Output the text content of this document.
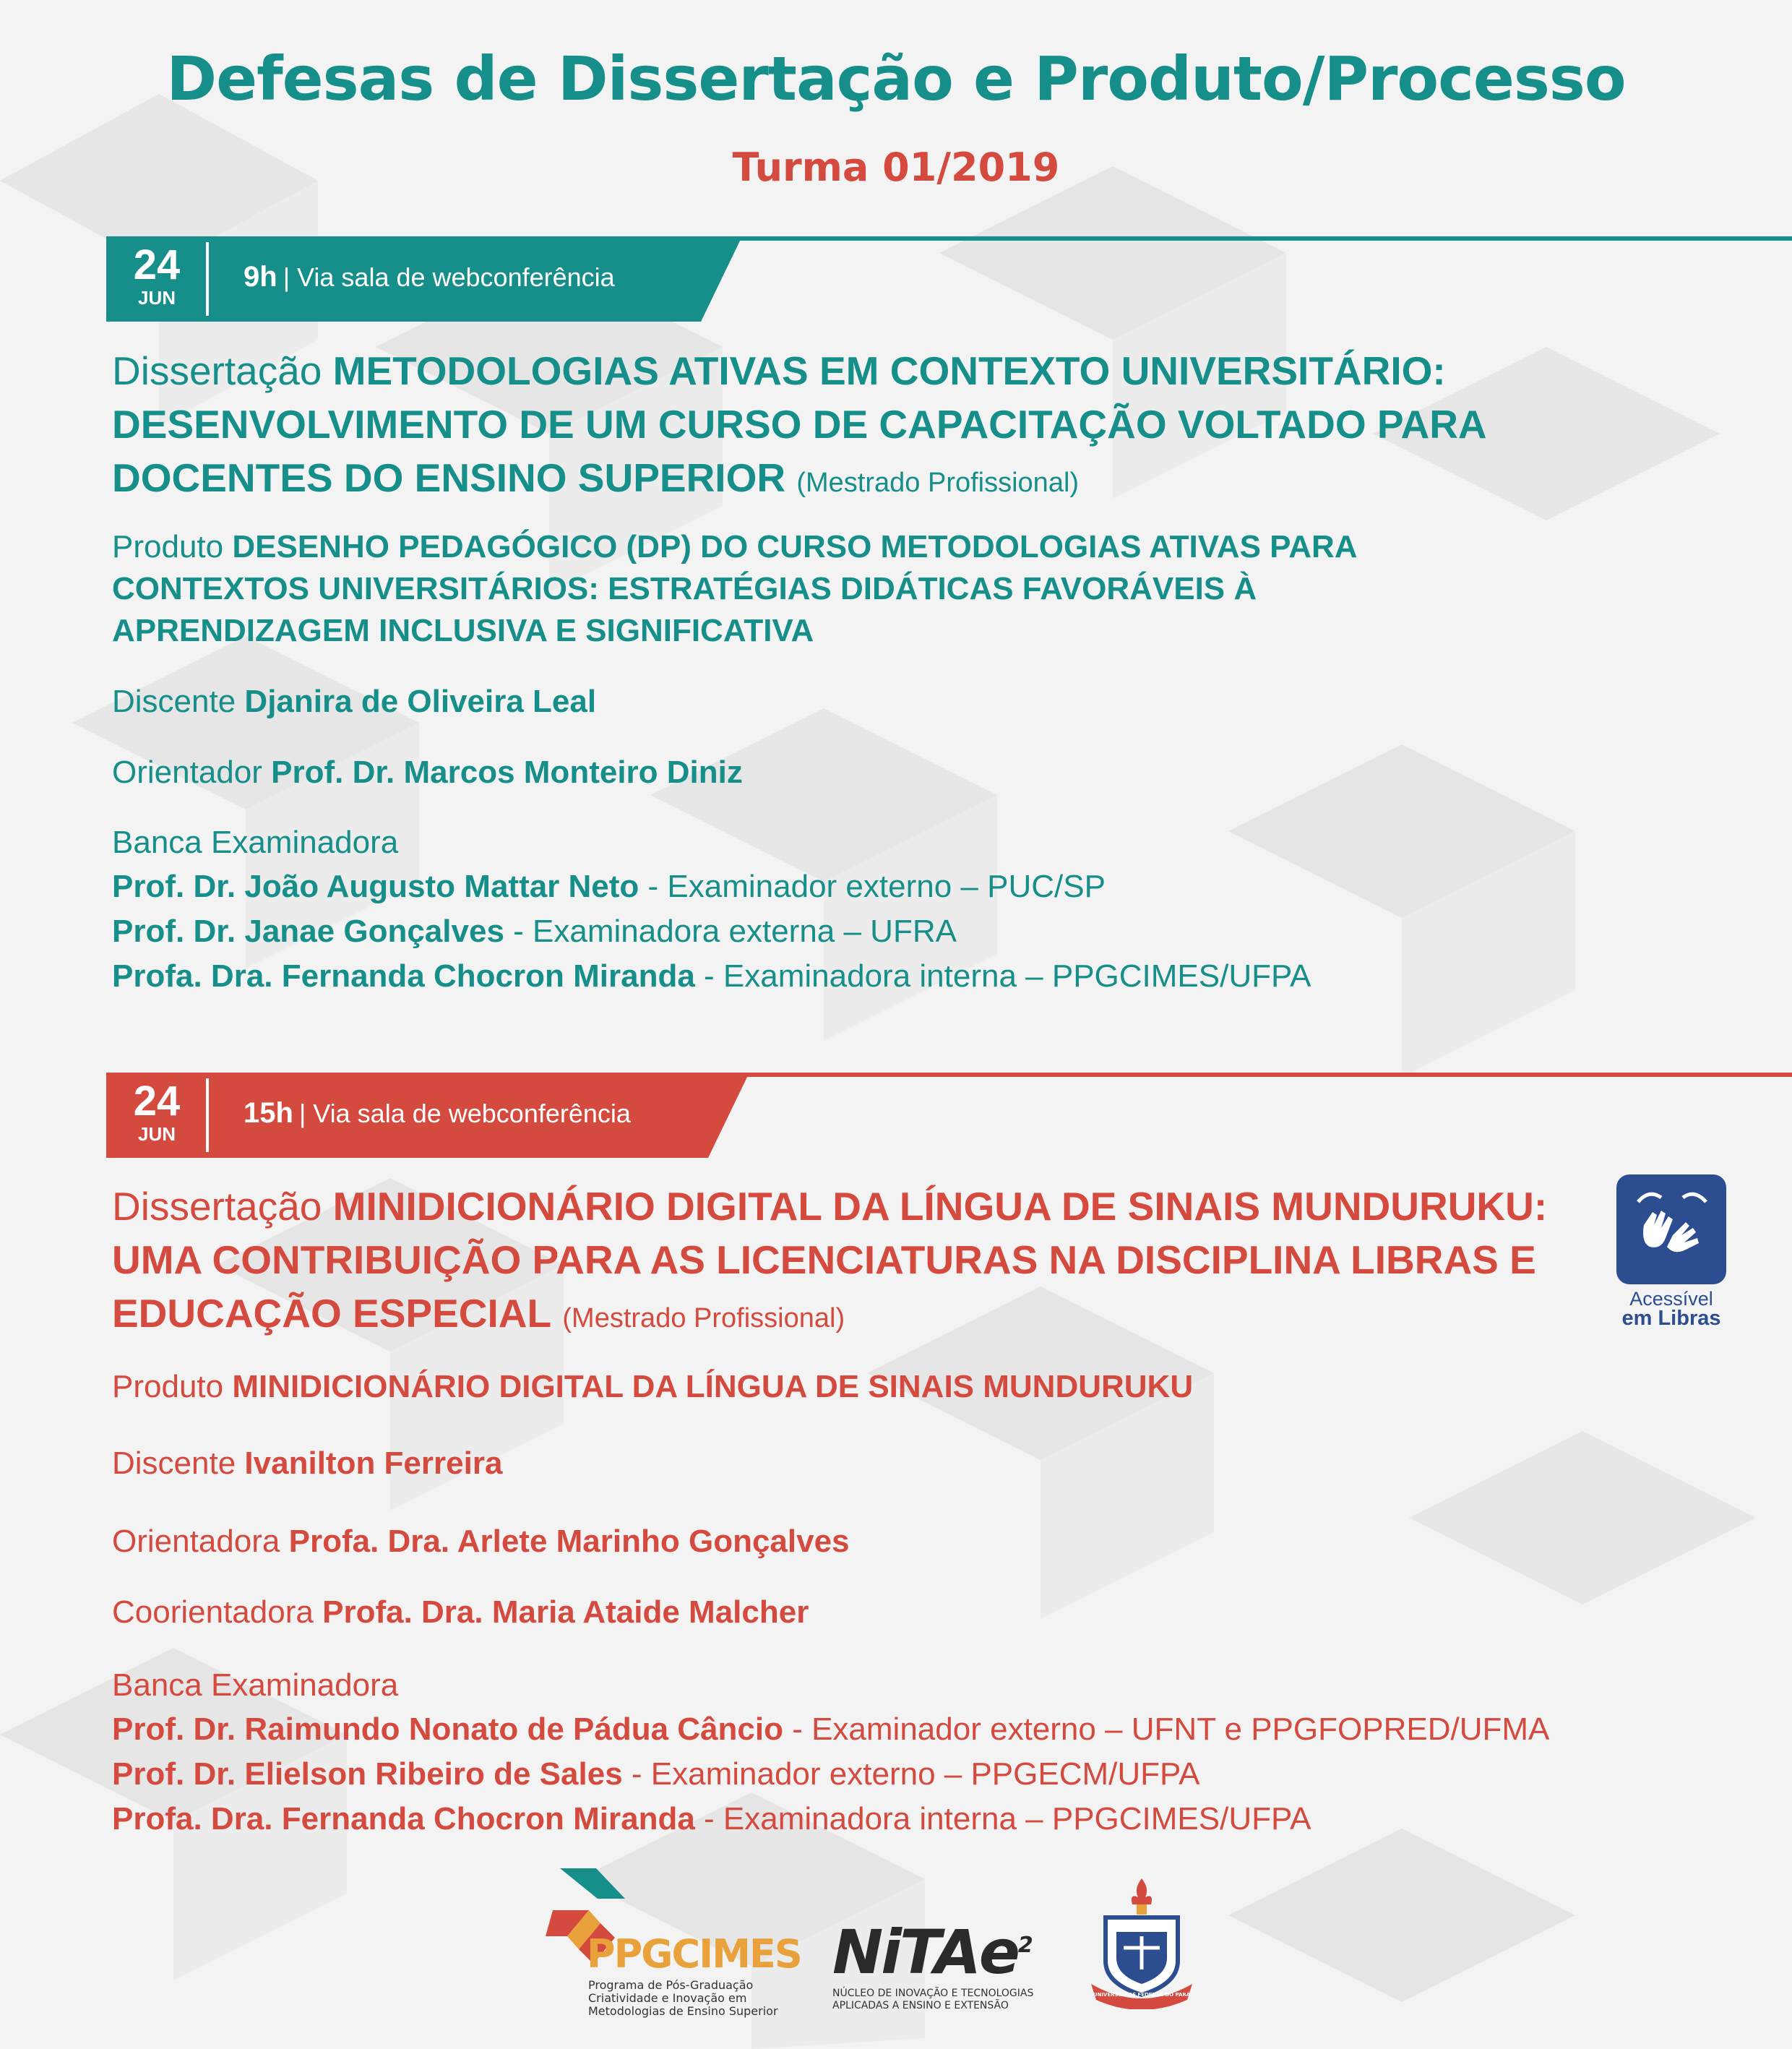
Defesas de Dissertação e Produto/Processo
Turma 01/2019
24
JUN
9h | Via sala de webconferência
Dissertação METODOLOGIAS ATIVAS EM CONTEXTO UNIVERSITÁRIO: DESENVOLVIMENTO DE UM CURSO DE CAPACITAÇÃO VOLTADO PARA DOCENTES DO ENSINO SUPERIOR (Mestrado Profissional)
Produto DESENHO PEDAGÓGICO (DP) DO CURSO METODOLOGIAS ATIVAS PARA CONTEXTOS UNIVERSITÁRIOS: ESTRATÉGIAS DIDÁTICAS FAVORÁVEIS À APRENDIZAGEM INCLUSIVA E SIGNIFICATIVA
Discente Djanira de Oliveira Leal
Orientador Prof. Dr. Marcos Monteiro Diniz
Banca Examinadora
Prof. Dr. João Augusto Mattar Neto - Examinador externo – PUC/SP
Prof. Dr. Janae Gonçalves - Examinadora externa – UFRA
Profa. Dra. Fernanda Chocron Miranda - Examinadora interna – PPGCIMES/UFPA
24
JUN
15h | Via sala de webconferência
Dissertação MINIDICIONÁRIO DIGITAL DA LÍNGUA DE SINAIS MUNDURUKU: UMA CONTRIBUIÇÃO PARA AS LICENCIATURAS NA DISCIPLINA LIBRAS E EDUCAÇÃO ESPECIAL (Mestrado Profissional)
Produto MINIDICIONÁRIO DIGITAL DA LÍNGUA DE SINAIS MUNDURUKU
Discente Ivanilton Ferreira
Orientadora Profa. Dra. Arlete Marinho Gonçalves
Coorientadora Profa. Dra. Maria Ataide Malcher
Banca Examinadora
Prof. Dr. Raimundo Nonato de Pádua Câncio - Examinador externo – UFNT e PPGFOPRED/UFMA
Prof. Dr. Elielson Ribeiro de Sales - Examinador externo – PPGECM/UFPA
Profa. Dra. Fernanda Chocron Miranda - Examinadora interna – PPGCIMES/UFPA
Acessível
em Libras
PPGCIMES
Programa de Pós-Graduação
Criatividade e Inovação em
Metodologias de Ensino Superior
NiTAe$^2$
NÚCLEO DE INOVAÇÃO E TECNOLOGIAS
APLICADAS A ENSINO E EXTENSÃO
UNIVERSIDADE FEDERAL DO PARÁ
